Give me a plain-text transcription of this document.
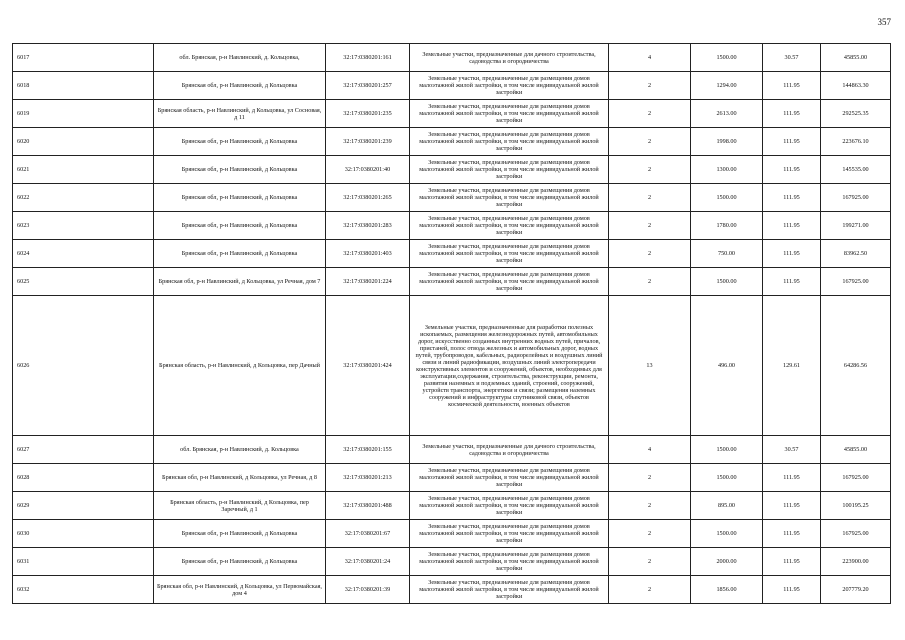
357
6017	обл. Брянская, р-н Навлинский, д. Кольцовка,	32:17:0380201:161	Земельные участки, предназначенные для дачного строительства, садоводства и огородничества	4	1500.00	30.57	45855.00
6018	Брянская обл, р-н Навлинский, д Кольцовка	32:17:0380201:257	Земельные участки, предназначенные для размещения домов малоэтажной жилой застройки, в том числе индивидуальной жилой застройки	2	1294.00	111.95	144863.30
6019	Брянская область, р-н Навлинский, д Кольцовка, ул Сосновая, д 11	32:17:0380201:235	Земельные участки, предназначенные для размещения домов малоэтажной жилой застройки, в том числе индивидуальной жилой застройки	2	2613.00	111.95	292525.35
6020	Брянская обл, р-н Навлинский, д Кольцовка	32:17:0380201:239	Земельные участки, предназначенные для размещения домов малоэтажной жилой застройки, в том числе индивидуальной жилой застройки	2	1998.00	111.95	223676.10
6021	Брянская обл, р-н Навлинский, д Кольцовка	32:17:0380201:40	Земельные участки, предназначенные для размещения домов малоэтажной жилой застройки, в том числе индивидуальной жилой застройки	2	1300.00	111.95	145535.00
6022	Брянская обл, р-н Навлинский, д Кольцовка	32:17:0380201:265	Земельные участки, предназначенные для размещения домов малоэтажной жилой застройки, в том числе индивидуальной жилой застройки	2	1500.00	111.95	167925.00
6023	Брянская обл, р-н Навлинский, д Кольцовка	32:17:0380201:283	Земельные участки, предназначенные для размещения домов малоэтажной жилой застройки, в том числе индивидуальной жилой застройки	2	1780.00	111.95	199271.00
6024	Брянская обл, р-н Навлинский, д Кольцовка	32:17:0380201:403	Земельные участки, предназначенные для размещения домов малоэтажной жилой застройки, в том числе индивидуальной жилой застройки	2	750.00	111.95	83962.50
6025	Брянская обл, р-н Навлинский, д Кольцовка, ул Речная, дом 7	32:17:0380201:224	Земельные участки, предназначенные для размещения домов малоэтажной жилой застройки, в том числе индивидуальной жилой застройки	2	1500.00	111.95	167925.00
6026	Брянская область, р-н Навлинский, д Кольцовка, пер Дачный	32:17:0380201:424	Земельные участки, предназначенные для разработки полезных ископаемых, размещения железнодорожных путей, автомобильных дорог, искусственно созданных внутренних водных путей, причалов, пристаней, полос отвода железных и автомобильных дорог, водных путей, трубопроводов, кабельных, радиорелейных и воздушных линий связи и линий радиофикации, воздушных линий электропередачи конструктивных элементов и сооружений, объектов, необходимых для эксплуатации,содержания, строительства, реконструкции, ремонта, развития наземных и подземных зданий, строений, сооружений, устройств транспорта, энергетики и связи; размещения наземных сооружений и инфраструктуры спутниковой связи, объектов космической деятельности, военных объектов	13	496.00	129.61	64286.56
6027	обл. Брянская, р-н Навлинский, д. Кольцовка	32:17:0380201:155	Земельные участки, предназначенные для дачного строительства, садоводства и огородничества	4	1500.00	30.57	45855.00
6028	Брянская обл, р-н Навлинский, д Кольцовка, ул Речная, д 8	32:17:0380201:213	Земельные участки, предназначенные для размещения домов малоэтажной жилой застройки, в том числе индивидуальной жилой застройки	2	1500.00	111.95	167925.00
6029	Брянская область, р-н Навлинский, д Кольцовка, пер Заречный, д 1	32:17:0380201:488	Земельные участки, предназначенные для размещения домов малоэтажной жилой застройки, в том числе индивидуальной жилой застройки	2	895.00	111.95	100195.25
6030	Брянская обл, р-н Навлинский, д Кольцовка	32:17:0380201:67	Земельные участки, предназначенные для размещения домов малоэтажной жилой застройки, в том числе индивидуальной жилой застройки	2	1500.00	111.95	167925.00
6031	Брянская обл, р-н Навлинский, д Кольцовка	32:17:0380201:24	Земельные участки, предназначенные для размещения домов малоэтажной жилой застройки, в том числе индивидуальной жилой застройки	2	2000.00	111.95	223900.00
6032	Брянская обл, р-н Навлинский, д Кольцовка, ул Первомайская, дом 4	32:17:0380201:39	Земельные участки, предназначенные для размещения домов малоэтажной жилой застройки, в том числе индивидуальной жилой застройки	2	1856.00	111.95	207779.20
